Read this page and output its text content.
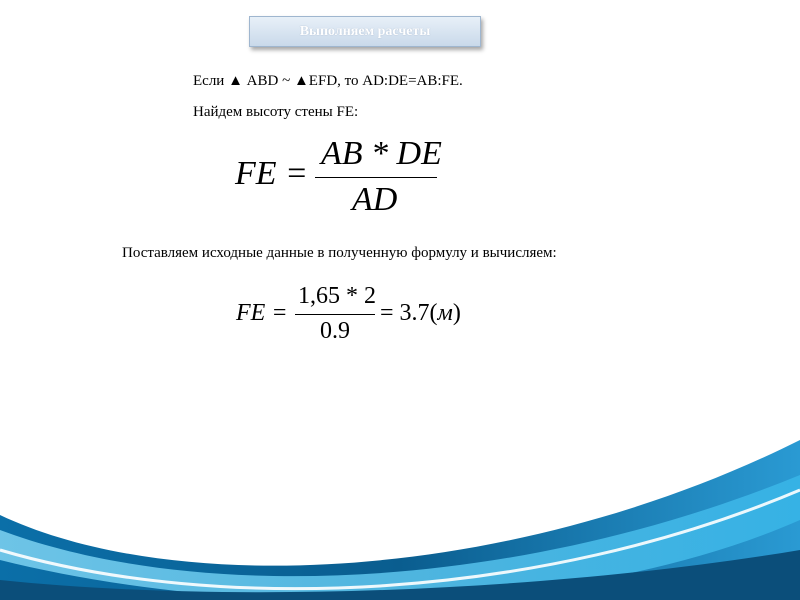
Выполняем расчеты
Если ▲ ABD ~ ▲EFD, то AD:DE=AB:FE.
Найдем высоту стены FE:
FE =
AB * DE
AD
Поставляем исходные данные в полученную формулу и вычисляем:
FE =
1,65 * 2
0.9
= 3.7(м)
